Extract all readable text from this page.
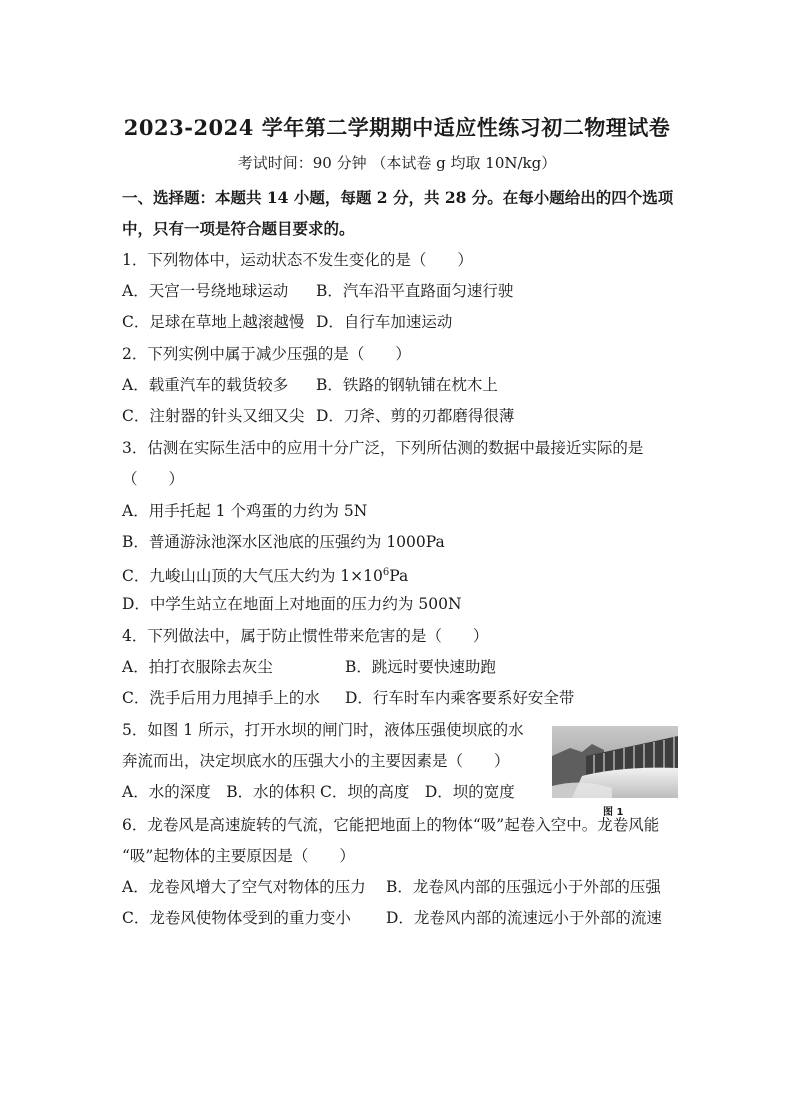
2023-2024 学年第二学期期中适应性练习初二物理试卷
考试时间：90 分钟 （本试卷 g 均取 10N/kg）
一、选择题：本题共 14 小题，每题 2 分，共 28 分。在每小题给出的四个选项
中，只有一项是符合题目要求的。
1．下列物体中，运动状态不发生变化的是（　　）
A．天宫一号绕地球运动 B．汽车沿平直路面匀速行驶
C．足球在草地上越滚越慢 D．自行车加速运动
2．下列实例中属于减少压强的是（　　）
A．载重汽车的载货较多 B．铁路的钢轨铺在枕木上
C．注射器的针头又细又尖 D．刀斧、剪的刃都磨得很薄
3．估测在实际生活中的应用十分广泛，下列所估测的数据中最接近实际的是
（　　）
A．用手托起 1 个鸡蛋的力约为 5N
B．普通游泳池深水区池底的压强约为 1000Pa
C．九峻山山顶的大气压大约为 $1\times 10^6Pa$
D．中学生站立在地面上对地面的压力约为 500N
4．下列做法中，属于防止惯性带来危害的是（　　）
A．拍打衣服除去灰尘	B．跳远时要快速助跑
C．洗手后用力甩掉手上的水 D．行车时车内乘客要系好安全带
5．如图 1 所示，打开水坝的闸门时，液体压强使坝底的水
奔流而出，决定坝底水的压强大小的主要因素是（　　）
A．水的深度　B．水的体积 C．坝的高度　D．坝的宽度
图 1
6．龙卷风是高速旋转的气流，它能把地面上的物体“吸”起卷入空中。龙卷风能
“吸”起物体的主要原因是（　　）
A．龙卷风增大了空气对物体的压力 B．龙卷风内部的压强远小于外部的压强
C．龙卷风使物体受到的重力变小 D．龙卷风内部的流速远小于外部的流速
